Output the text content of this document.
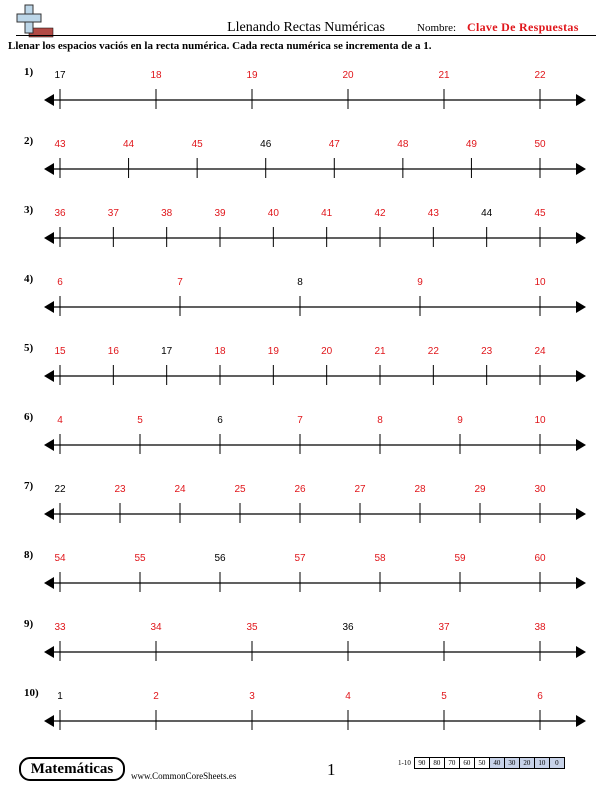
Llenando Rectas Numéricas	Nombre: Clave De Respuestas
Llenar los espacios vaciós en la recta numérica. Cada recta numérica se incrementa de a 1.
1) 17	18	19	20	21	22
2) 43	44	45	46	47	48	49	50
3) 36	37	38	39	40	41	42	43	44	45
4) 6	7	8	9	10
5) 15	16	17	18	19	20	21	22	23	24
6) 4	5	6	7	8	9	10
7) 22	23	24	25	26	27	28	29	30
8) 54	55	56	57	58	59	60
9) 33	34	35	36	37	38
10) 1	2	3	4	5	6
Matemáticas	www.CommonCoreSheets.es	1	1-10	90	80	70	60	50	40	30	20	10	0
